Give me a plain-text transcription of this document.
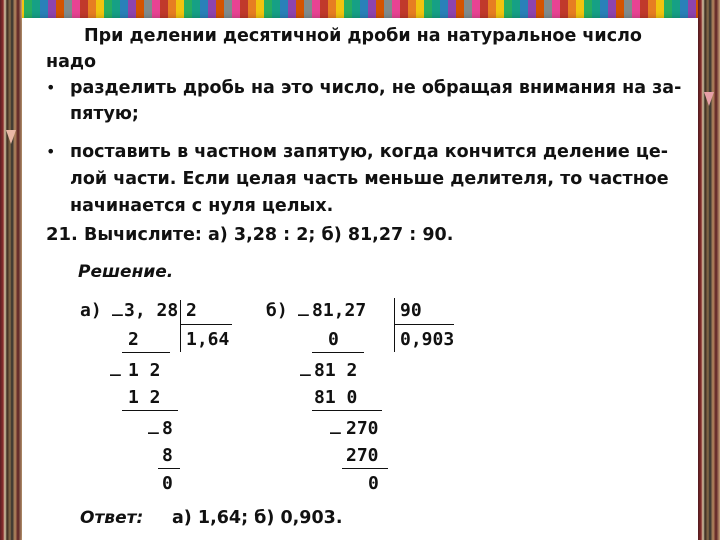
При делении десятичной дроби на натуральное число
надо
• разделить дробь на это число, не обращая внимания на за-
пятую;
• поставить в частном запятую, когда кончится деление це-
лой части. Если целая часть меньше делителя, то частное
начинается с нуля целых.
21. Вычислите: а) 3,28 : 2; б) 81,27 : 90.
Решение.
а) _ 3, 28 2
1,64
2
_ 1 2
1 2
_ 8
8
0
б) _ 81,27 90
0,903
0
_ 81 2
81 0
_ 270
270
0
Ответ: а) 1,64; б) 0,903.
